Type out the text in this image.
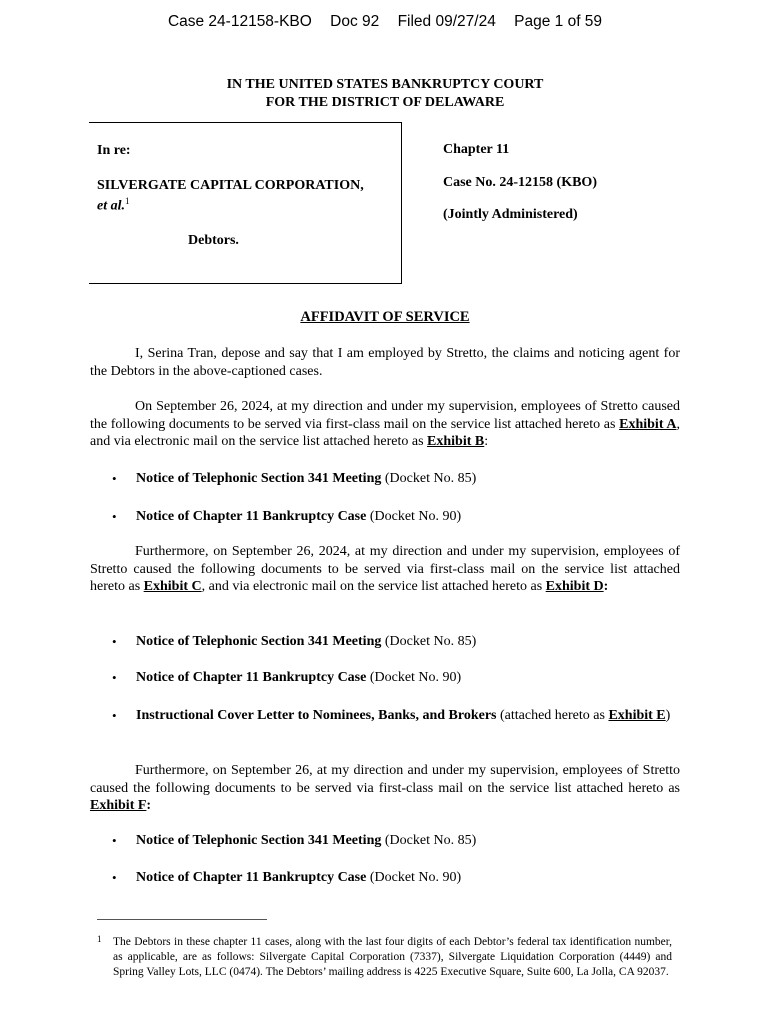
Case 24-12158-KBO Doc 92 Filed 09/27/24 Page 1 of 59
IN THE UNITED STATES BANKRUPTCY COURT
FOR THE DISTRICT OF DELAWARE
In re:
SILVERGATE CAPITAL CORPORATION,
et al.$^1$
Debtors.
Chapter 11
Case No. 24-12158 (KBO)
(Jointly Administered)
AFFIDAVIT OF SERVICE
I, Serina Tran, depose and say that I am employed by Stretto, the claims and noticing agent for the Debtors in the above-captioned cases.
On September 26, 2024, at my direction and under my supervision, employees of Stretto caused the following documents to be served via first-class mail on the service list attached hereto as Exhibit A, and via electronic mail on the service list attached hereto as Exhibit B:
• Notice of Telephonic Section 341 Meeting (Docket No. 85)
• Notice of Chapter 11 Bankruptcy Case (Docket No. 90)
Furthermore, on September 26, 2024, at my direction and under my supervision, employees of Stretto caused the following documents to be served via first-class mail on the service list attached hereto as Exhibit C, and via electronic mail on the service list attached hereto as Exhibit D:
• Notice of Telephonic Section 341 Meeting (Docket No. 85)
• Notice of Chapter 11 Bankruptcy Case (Docket No. 90)
• Instructional Cover Letter to Nominees, Banks, and Brokers (attached hereto as Exhibit E)
Furthermore, on September 26, at my direction and under my supervision, employees of Stretto caused the following documents to be served via first-class mail on the service list attached hereto as Exhibit F:
• Notice of Telephonic Section 341 Meeting (Docket No. 85)
• Notice of Chapter 11 Bankruptcy Case (Docket No. 90)
1 The Debtors in these chapter 11 cases, along with the last four digits of each Debtor’s federal tax identification number, as applicable, are as follows: Silvergate Capital Corporation (7337), Silvergate Liquidation Corporation (4449) and Spring Valley Lots, LLC (0474). The Debtors’ mailing address is 4225 Executive Square, Suite 600, La Jolla, CA 92037.
